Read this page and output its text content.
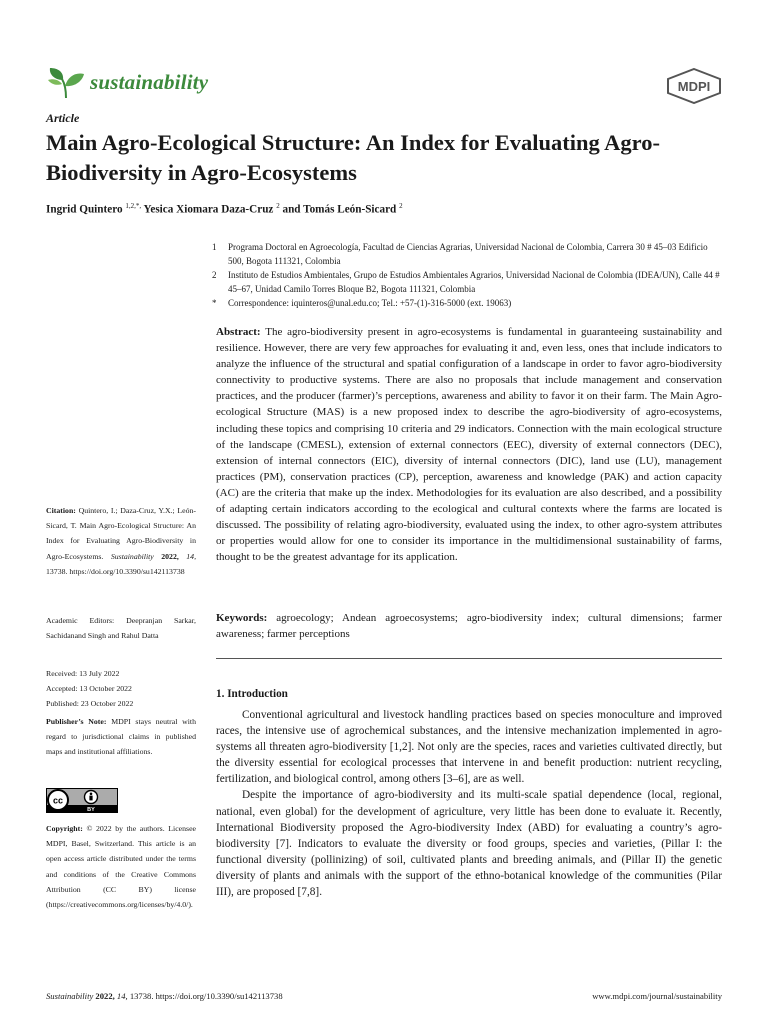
sustainability	MDPI
Article
Main Agro-Ecological Structure: An Index for Evaluating Agro-Biodiversity in Agro-Ecosystems
Ingrid Quintero $^{1,2,*,}$ Yesica Xiomara Daza-Cruz $^2$ and Tomás León-Sicard $^2$
1	Programa Doctoral en Agroecología, Facultad de Ciencias Agrarias, Universidad Nacional de Colombia, Carrera 30 # 45–03 Edificio 500, Bogota 111321, Colombia
2	Instituto de Estudios Ambientales, Grupo de Estudios Ambientales Agrarios, Universidad Nacional de Colombia (IDEA/UN), Calle 44 # 45–67, Unidad Camilo Torres Bloque B2, Bogota 111321, Colombia
*	Correspondence: iquinteros@unal.edu.co; Tel.: +57-(1)-316-5000 (ext. 19063)
Abstract: The agro-biodiversity present in agro-ecosystems is fundamental in guaranteeing sustainability and resilience. However, there are very few approaches for evaluating it and, even less, ones that include indicators to analyze the influence of the structural and spatial configuration of a landscape in order to favor agro-biodiversity connectivity to productive systems. There are also no proposals that include management and conservation practices, and the producer (farmer)’s perceptions, awareness and ability to favor it on their farm. The Main Agro-ecological Structure (MAS) is a new proposed index to describe the agro-biodiversity of agro-ecosystems, including these topics and comprising 10 criteria and 29 indicators. Connection with the main ecological structure of the landscape (CMESL), extension of external connectors (EEC), diversity of external connectors (DEC), extension of internal connectors (EIC), diversity of internal connectors (DIC), land use (LU), management practices (PM), conservation practices (CP), perception, awareness and knowledge (PAK) and action capacity (AC) are the criteria that make up the index. Methodologies for its evaluation are also described, and a possibility of adapting certain indicators according to the ecological and cultural contexts where the farms are located is discussed. The possibility of relating agro-biodiversity, evaluated using the index, to other agro-system attributes or properties would allow for one to consider its importance in the multidimensional sustainability of farms, thought to be the greatest advantage for its application.
Keywords: agroecology; Andean agroecosystems; agro-biodiversity index; cultural dimensions; farmer awareness; farmer perceptions
1. Introduction

Conventional agricultural and livestock handling practices based on species monoculture and improved races, the intensive use of agrochemical substances, and the intensive mechanization implemented in agro-systems all threaten agro-biodiversity [1,2]. Not only are the species, races and varieties cultivated directly, but the diversity essential for ecological processes that intervene in and benefit production: nutrient recycling, fertilization, and biological control, among others [3–6], are as well.

Despite the importance of agro-biodiversity and its multi-scale spatial dependence (local, regional, national, even global) for the development of agriculture, very little has been done to evaluate it. Recently, International Biodiversity proposed the Agro-biodiversity Index (ABD) for evaluating a country’s agro-biodiversity [7]. Indicators to evaluate the diversity or food groups, species and varieties, (Pillar I: the functional diversity (pollinizing) of soil, cultivated plants and breeding animals, and (Pillar II) the genetic diversity of plants and animals with the support of the ethno-botanical knowledge of the communities (Pilar III), are proposed [7,8].

Citation: Quintero, I.; Daza-Cruz, Y.X.; León-Sicard, T. Main Agro-Ecological Structure: An Index for Evaluating Agro-Biodiversity in Agro-Ecosystems. Sustainability 2022, 14, 13738. https://doi.org/10.3390/su142113738
Academic Editors: Deepranjan Sarkar, Sachidanand Singh and Rahul Datta
Received: 13 July 2022
Accepted: 13 October 2022
Published: 23 October 2022
Publisher’s Note: MDPI stays neutral with regard to jurisdictional claims in published maps and institutional affiliations.
cc
BY
Copyright: © 2022 by the authors. Licensee MDPI, Basel, Switzerland. This article is an open access article distributed under the terms and conditions of the Creative Commons Attribution (CC BY) license (https://creativecommons.org/licenses/by/4.0/).
Sustainability 2022, 14, 13738. https://doi.org/10.3390/su142113738	www.mdpi.com/journal/sustainability
